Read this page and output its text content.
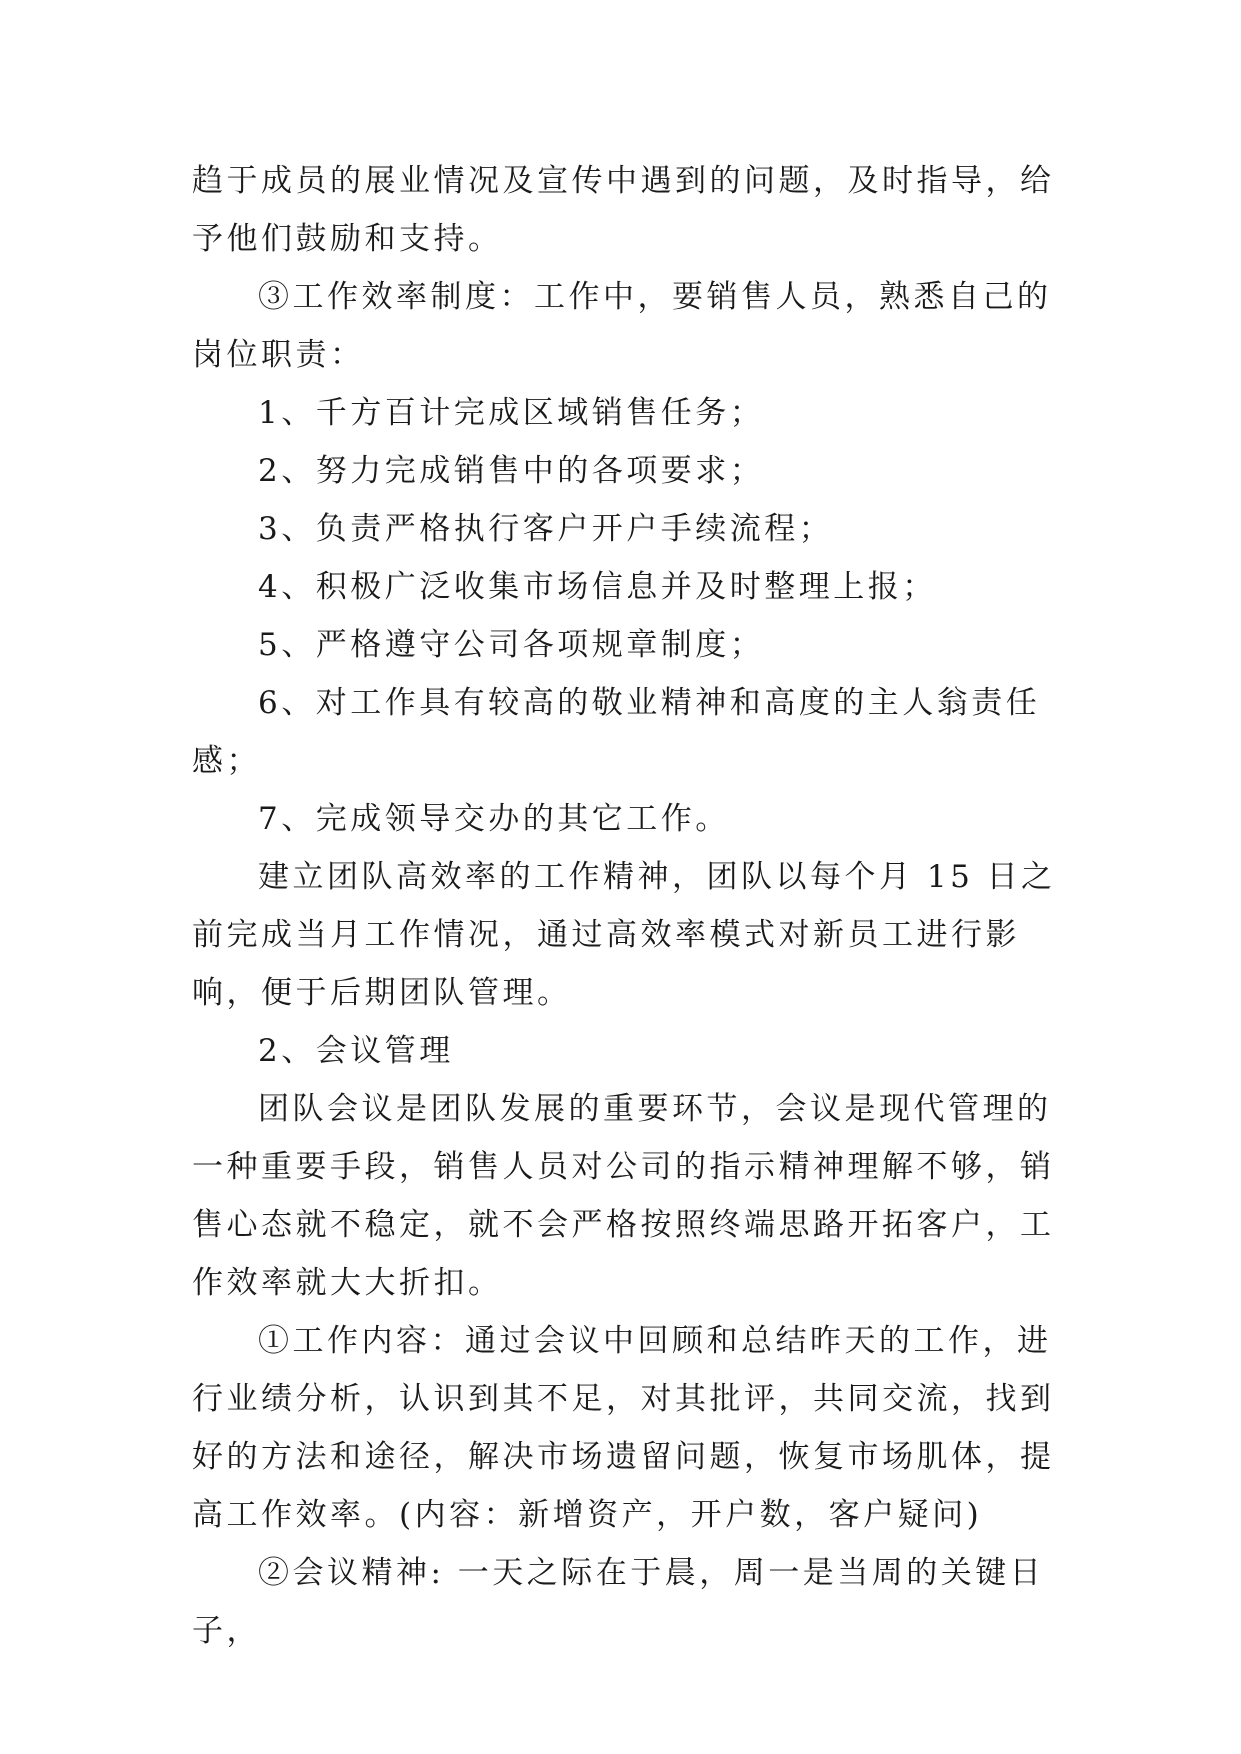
趋于成员的展业情况及宣传中遇到的问题，及时指导，给予他们鼓励和支持。

③工作效率制度：工作中，要销售人员，熟悉自己的岗位职责：

1、千方百计完成区域销售任务；

2、努力完成销售中的各项要求；

3、负责严格执行客户开户手续流程；

4、积极广泛收集市场信息并及时整理上报；

5、严格遵守公司各项规章制度；

6、对工作具有较高的敬业精神和高度的主人翁责任感；

7、完成领导交办的其它工作。

建立团队高效率的工作精神，团队以每个月 15 日之前完成当月工作情况，通过高效率模式对新员工进行影响，便于后期团队管理。

2、会议管理

团队会议是团队发展的重要环节，会议是现代管理的一种重要手段，销售人员对公司的指示精神理解不够，销售心态就不稳定，就不会严格按照终端思路开拓客户，工作效率就大大折扣。

①工作内容：通过会议中回顾和总结昨天的工作，进行业绩分析，认识到其不足，对其批评，共同交流，找到好的方法和途径，解决市场遗留问题，恢复市场肌体，提高工作效率。(内容：新增资产，开户数，客户疑问)

②会议精神: 一天之际在于晨，周一是当周的关键日子，
